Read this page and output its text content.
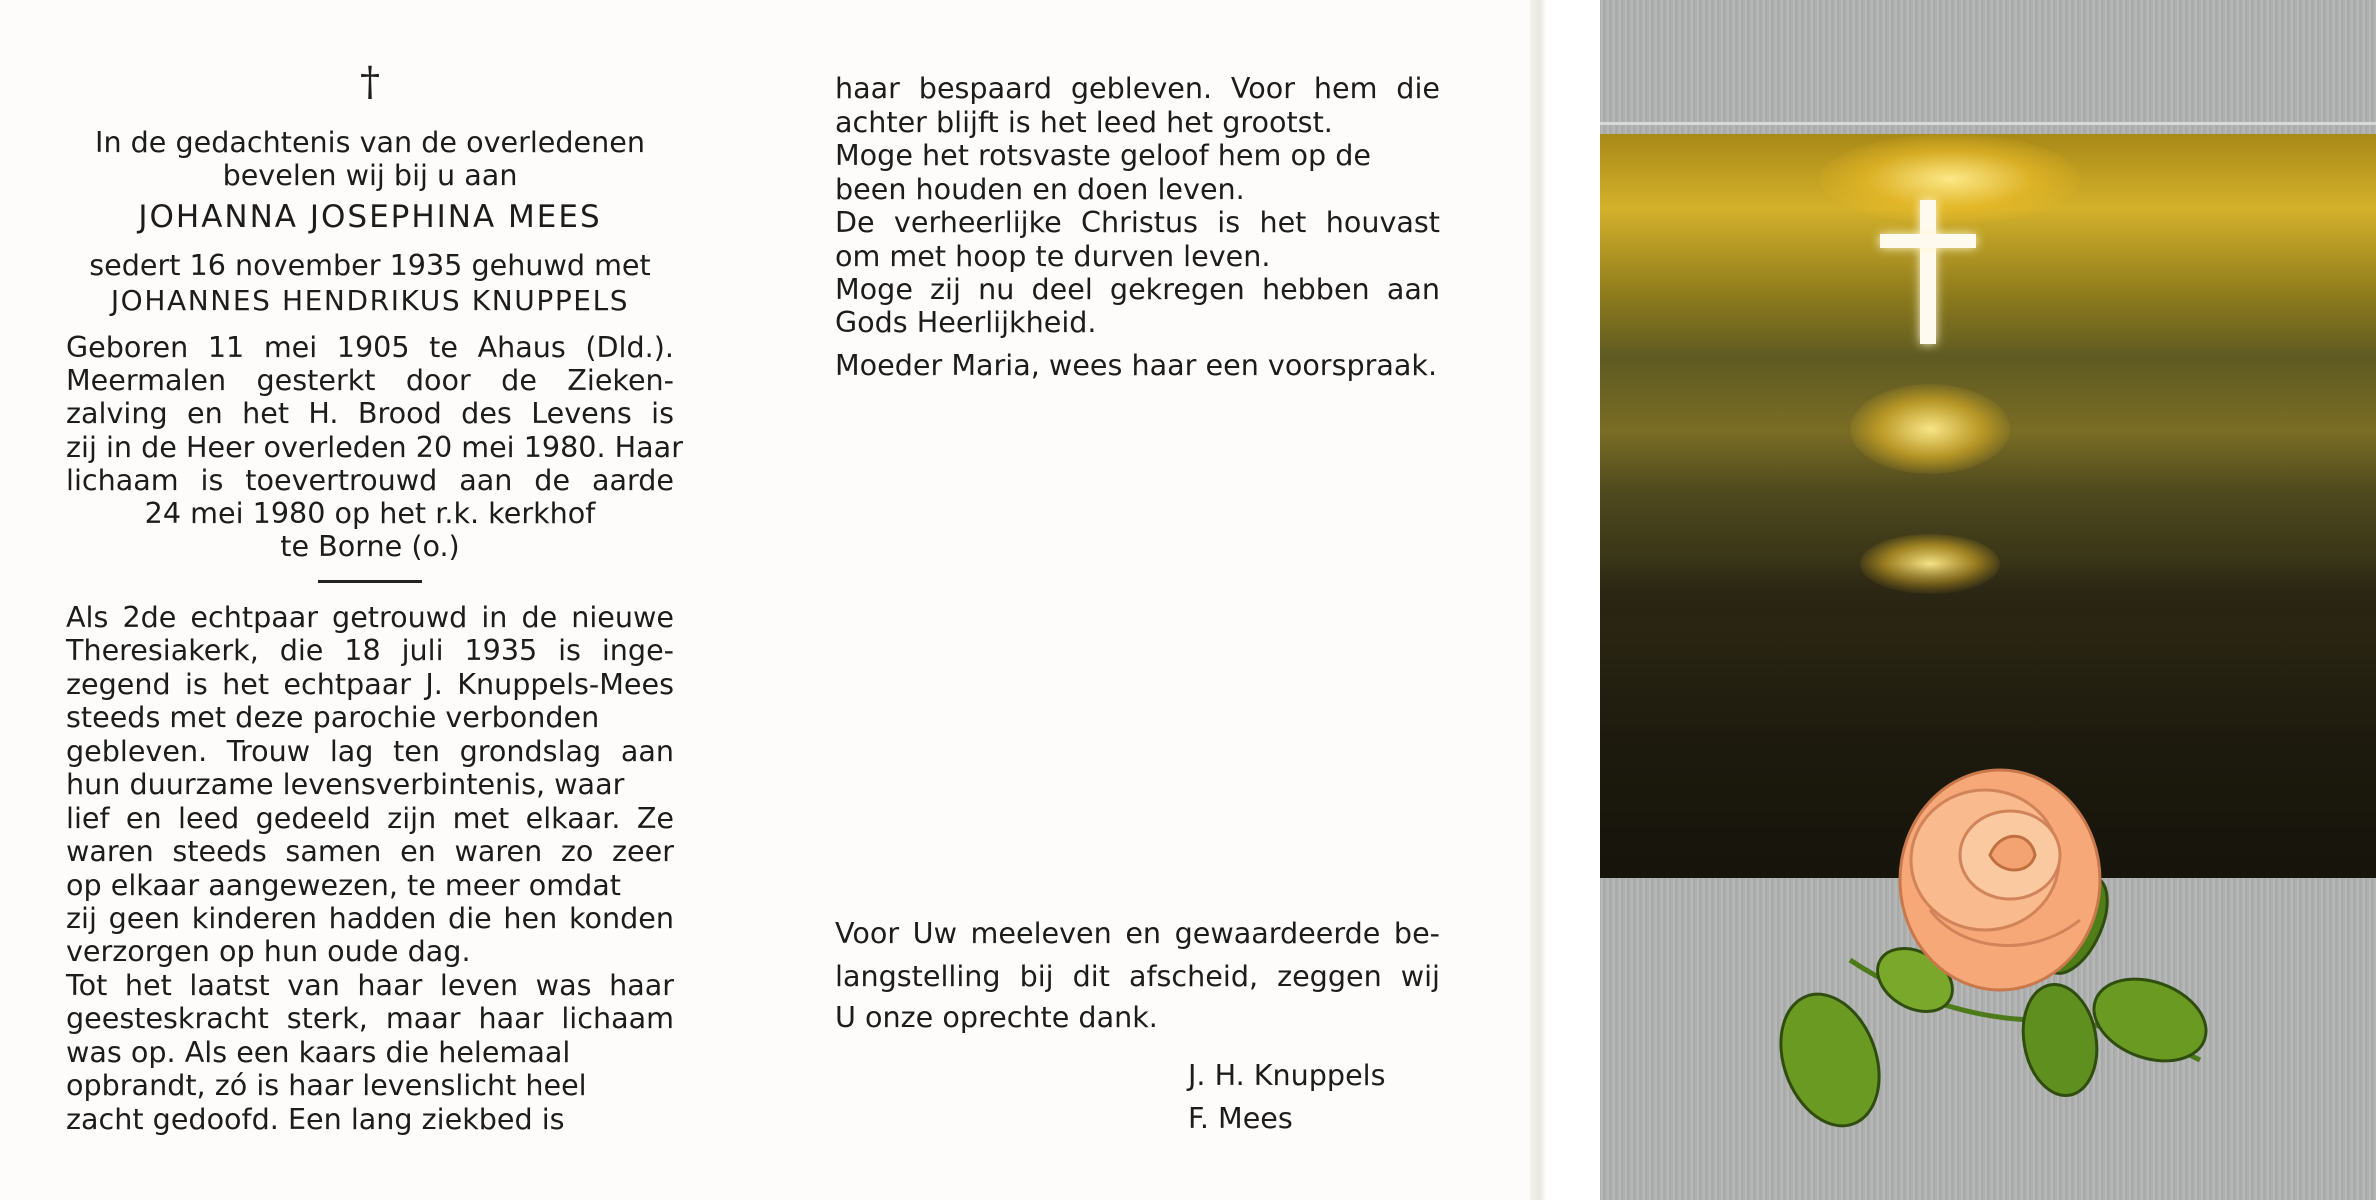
†
In de gedachtenis van de overledenen
bevelen wij bij u aan
JOHANNA JOSEPHINA MEES
sedert 16 november 1935 gehuwd met
JOHANNES HENDRIKUS KNUPPELS
Geboren 11 mei 1905 te Ahaus (Dld.).
Meermalen gesterkt door de Zieken-
zalving en het H. Brood des Levens is
zij in de Heer overleden 20 mei 1980. Haar
lichaam is toevertrouwd aan de aarde
24 mei 1980 op het r.k. kerkhof
te Borne (o.)
Als 2de echtpaar getrouwd in de nieuwe
Theresiakerk, die 18 juli 1935 is inge-
zegend is het echtpaar J. Knuppels-Mees
steeds met deze parochie verbonden
gebleven. Trouw lag ten grondslag aan
hun duurzame levensverbintenis, waar
lief en leed gedeeld zijn met elkaar. Ze
waren steeds samen en waren zo zeer
op elkaar aangewezen, te meer omdat
zij geen kinderen hadden die hen konden
verzorgen op hun oude dag.
Tot het laatst van haar leven was haar
geesteskracht sterk, maar haar lichaam
was op. Als een kaars die helemaal
opbrandt, zó is haar levenslicht heel
zacht gedoofd. Een lang ziekbed is
haar bespaard gebleven. Voor hem die
achter blijft is het leed het grootst.
Moge het rotsvaste geloof hem op de
been houden en doen leven.
De verheerlijke Christus is het houvast
om met hoop te durven leven.
Moge zij nu deel gekregen hebben aan
Gods Heerlijkheid.
Moeder Maria, wees haar een voorspraak.
Voor Uw meeleven en gewaardeerde be-
langstelling bij dit afscheid, zeggen wij
U onze oprechte dank.
J. H. Knuppels
F. Mees
